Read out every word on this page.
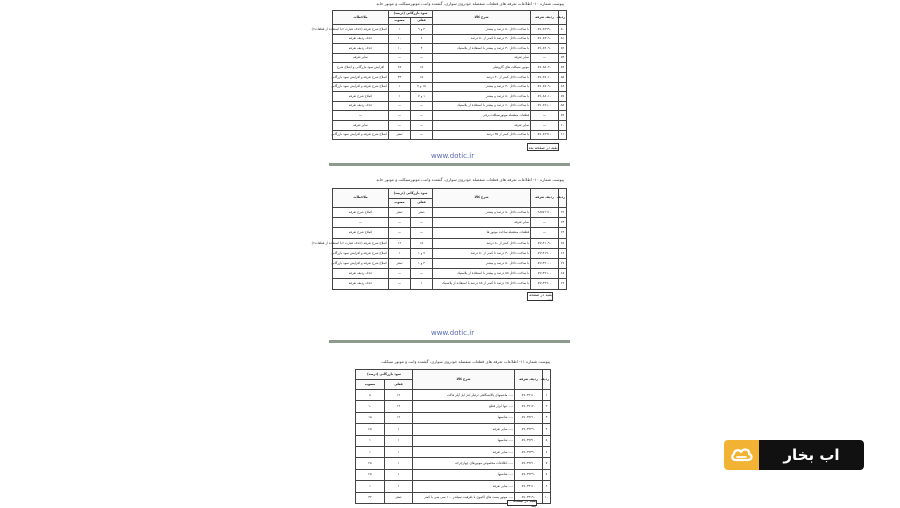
پیوست شماره ۱۰- اطلاعات تعرفه های قطعات منفصله خودروی سواری، گشتده وانت، موتورسیکلت و موتور خانه
ردیف	ردیف تعرفه	شرح کالا	سود بازرگانی (درصد)		ملاحظات
			فعلی	مصوب	
۵۰	۸۷۰۸۲۹۹۰	با ساخت داخل ۵۰ درصد و بیشتر	۴ و ۹	۱	اصلاح شرح تعرفه (حذف عبارت «با استفاده از قطعات»)
۵۱	۸۷۰۸۳۰۹۰	با ساخت داخل ۳۰ درصد تا کمتر از ۵۰ درصد	۶	۱۰	حذف ردیف تعرفه
۵۲	۸۷۰۸۴۰۹۰	با ساخت داخل ۳۰ درصد و بیشتر با استفاده از پلاستیک	۴	۱۰	حذف ردیف تعرفه
۵۳	—	سایر تعرفه	—	—	سایر تعرفه
۵۴	۸۷۰۸۵۰۲۰	موتور سیکلت های گازوئیلی	۱۵	۲۸	افزایش سود بازرگانی و اصلاح شرح
۵۵	۸۷۰۸۷۰۱۰	با ساخت داخل کمتر از ۳۰ درصد	۱۵	۳۳	اصلاح شرح تعرفه و افزایش سود بازرگانی
۵۶	۸۷۰۸۷۰۹۰	با ساخت داخل ۳۰ درصد و بیشتر	۱۵ و ۷	۱	اصلاح شرح تعرفه و افزایش سود بازرگانی
۵۷	۸۷۰۸۸۰۱۰	با ساخت داخل ۵۰ درصد و بیشتر	۱ و ۷	۱	اصلاح شرح تعرفه
۵۸	۸۷۰۸۹۱۰۰	با ساخت داخل ۶۰ درصد و بیشتر با استفاده از پلاستیک	—	—	حذف ردیف تعرفه
۵۹	—	قطعات منفصله موتورسیکلت برقی	—	—	—
۶۰	—	سایر تعرفه	—	—	سایر تعرفه
۶۱	۸۷۰۸۹۹۱۰	با ساخت داخل کمتر از ۳۵ درصد	—	صفر	اصلاح شرح تعرفه و افزایش سود بازرگانی
بقیه در صفحه بعد
www.dotic.ir
پیوست شماره ۱۰- اطلاعات تعرفه های قطعات منفصله خودروی سواری، گشتده وانت، موتورسیکلت و موتور خانه
ردیف	ردیف تعرفه	شرح کالا	سود بازرگانی (درصد)		ملاحظات
			فعلی	مصوب	
۶۲	۹۸۸۷۱۱۱۰	با ساخت داخل ۵۰ درصد و بیشتر	صفر	صفر	اصلاح شرح تعرفه
۶۳	—	سایر تعرفه	—	—	—
۶۴	—	قطعات منفصله ساخت موتور ها	—	—	اصلاح شرح تعرفه
۶۵	۸۷۱۴۱۰۹۰	با ساخت داخل کمتر از ۵۰ درصد	۱۵	۱۲	اصلاح شرح تعرفه (حذف عبارت «با استفاده از قطعات»)
۶۶	۸۷۱۴۱۹۰۰	با ساخت داخل ۳۰ درصد تا کمتر از ۵۰ درصد	۷ و ۱	۱	اصلاح شرح تعرفه و افزایش سود بازرگانی
۶۷	۸۷۱۴۲۰۰۰	با ساخت داخل ۵۰ درصد و بیشتر	۴ و ۱	صفر	اصلاح شرح تعرفه و افزایش سود بازرگانی
۶۸	۸۷۱۴۹۱۰۰	با ساخت داخل ۵۵ درصد و بیشتر با استفاده از پلاستیک	—	—	حذف ردیف تعرفه
۶۹	۸۷۱۴۹۹۰۰	با ساخت داخل ۶۵ درصد تا کمتر از ۸۵ درصد با استفاده از پلاستیک	۱	—	حذف ردیف تعرفه
بقیه در صفحه بعد
www.dotic.ir
پیوست شماره ۱۱- اطلاعات تعرفه های قطعات منفصله خودروی سواری، گشتده وانت و موتور سیکلت
ردیف	ردیف تعرفه	شرح کالا	سود بازرگانی (درصد)	
			فعلی	مصوب
۱	۸۷۰۳۲۱۱۰	---- ماشینهای پالایشگاهی ترئیلر ایئر ایل آیلر فاکت	۱۲	۵
۲	۸۷۰۳۲۱۲۰	---- تنها ابزار قطع	۱۲	۱۰
۳	۸۷۰۳۲۲۱۰	---- شاسیها	۱۲	۱۵
۴	۸۷۰۳۲۲۹۰	---- سایر تعرفه	۱	۲۵
۵	۸۷۰۳۲۳۱۰	---- شاسیها	۱	۱
۶	۸۷۰۳۲۳۹۰	---- سایر تعرفه	۱	۱
۷	۸۷۰۳۲۴۱۰	---- اطلاعات مخصوص موتورهای چهارچرخه	۱	۲۵
۸	۸۷۰۳۲۴۹۰	---- شاسیها	۱	۲۵
۹	۸۷۰۳۳۱۱۰	---- سایر تعرفه	۱	۱
۱۰	۸۷۰۳۳۱۹۰	---- موتور پست های اکتیوی با ظرفیت سیلندر ۱۰۰ سی سی یا کمتر	صفر	۳۲
بقیه در صفحه بعد
اب بخار
